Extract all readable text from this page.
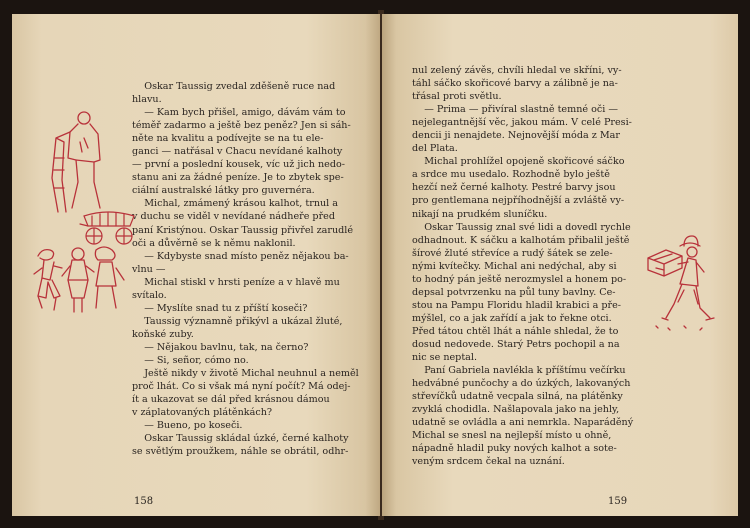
Oskar Taussig zvedal zděšeně ruce nad

hlavu.

— Kam bych přišel, amigo, dávám vám to

téměř zadarmo a ještě bez peněz? Jen si sáh-

něte na kvalitu a podívejte se na tu ele-

ganci — natřásal v Chacu nevídané kalhoty

— první a poslední kousek, víc už jich nedo-

stanu ani za žádné peníze. Je to zbytek spe-

ciální australské látky pro guvernéra.

Michal, zmámený krásou kalhot, trnul a

v duchu se viděl v nevídané nádheře před

paní Kristýnou. Oskar Taussig přivřel zarudlé

oči a důvěrně se k němu naklonil.

— Kdybyste snad místo peněz nějakou ba-

vlnu —

Michal stiskl v hrsti peníze a v hlavě mu

svítalo.

— Myslíte snad tu z příští koseči?

Taussig významně přikývl a ukázal žluté,

koňské zuby.

— Nějakou bavlnu, tak, na černo?

— Si, señor, cómo no.

Ještě nikdy v životě Michal neuhnul a neměl

proč lhát. Co si však má nyní počít? Má odej-

ít a ukazovat se dál před krásnou dámou

v záplatovaných plátěnkách?

— Bueno, po koseči.

Oskar Taussig skládal úzké, černé kalhoty

se světlým proužkem, náhle se obrátil, odhr-

158

nul zelený závěs, chvíli hledal ve skříni, vy-

táhl sáčko skořicové barvy a zálibně je na-

třásal proti světlu.

— Prima — přivíral slastně temné oči —

nejelegantnější věc, jakou mám. V celé Presi-

dencii ji nenajdete. Nejnovější móda z Mar

del Plata.

Michal prohlížel opojeně skořicové sáčko

a srdce mu usedalo. Rozhodně bylo ještě

hezčí než černé kalhoty. Pestré barvy jsou

pro gentlemana nejpříhodnější a zvláště vy-

nikají na prudkém sluníčku.

Oskar Taussig znal své lidi a dovedl rychle

odhadnout. K sáčku a kalhotám přibalil ještě

šírové žluté střevíce a rudý šátek se zele-

nými kvítečky. Michal ani nedýchal, aby si

to hodný pán ještě nerozmyslel a honem po-

depsal potvrzenku na půl tuny bavlny. Ce-

stou na Pampu Floridu hladil krabici a pře-

mýšlel, co a jak zařídí a jak to řekne otci.

Před tátou chtěl lhát a náhle shledal, že to

dosud nedovede. Starý Petrs pochopil a na

nic se neptal.

Paní Gabriela navlékla k příštímu večírku

hedvábné punčochy a do úzkých, lakovaných

střevíčků udatně vecpala silná, na plátěnky

zvyklá chodidla. Našlapovala jako na jehly,

udatně se ovládla a ani nemrkla. Naparáděný

Michal se snesl na nejlepší místo u ohně,

nápadně hladil puky nových kalhot a sote-

veným srdcem čekal na uznání.

159
